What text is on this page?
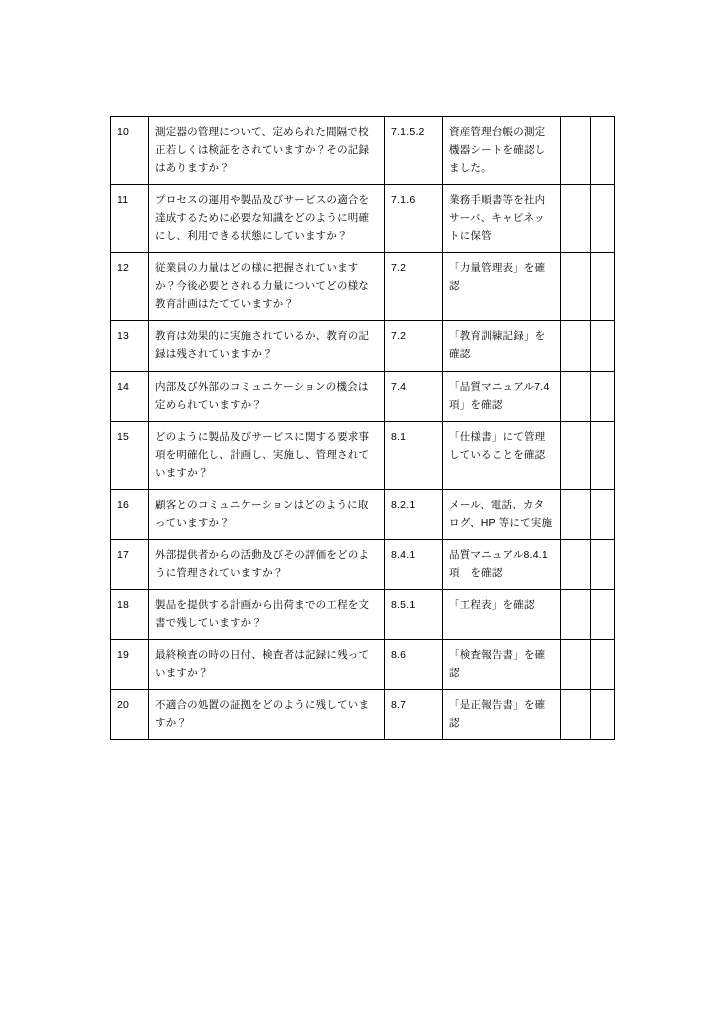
10	測定器の管理について、定められた間隔で校正若しくは検証をされていますか？その記録はありますか？	7.1.5.2	資産管理台帳の測定機器シートを確認しました。		

11	プロセスの運用や製品及びサービスの適合を達成するために必要な知識をどのように明確にし、利用できる状態にしていますか？	7.1.6	業務手順書等を社内サーバ、キャビネットに保管		

12	従業員の力量はどの様に把握されていますか？今後必要とされる力量についてどの様な教育計画はたてていますか？	7.2	「力量管理表」を確認		

13	教育は効果的に実施されているか、教育の記録は残されていますか？	7.2	「教育訓練記録」を確認		

14	内部及び外部のコミュニケーションの機会は定められていますか？	7.4	「品質マニュアル7.4 項」を確認		

15	どのように製品及びサービスに関する要求事項を明確化し、計画し、実施し、管理されていますか？	8.1	「仕様書」にて管理していることを確認		

16	顧客とのコミュニケーションはどのように取っていますか？	8.2.1	メール、電話、カタログ、HP 等にて実施		

17	外部提供者からの活動及びその評価をどのように管理されていますか？	8.4.1	品質マニュアル8.4.1 項　を確認		

18	製品を提供する計画から出荷までの工程を文書で残していますか？	8.5.1	「工程表」を確認		

19	最終検査の時の日付、検査者は記録に残っていますか？	8.6	「検査報告書」を確認		

20	不適合の処置の証拠をどのように残していますか？	8.7	「是正報告書」を確認		
